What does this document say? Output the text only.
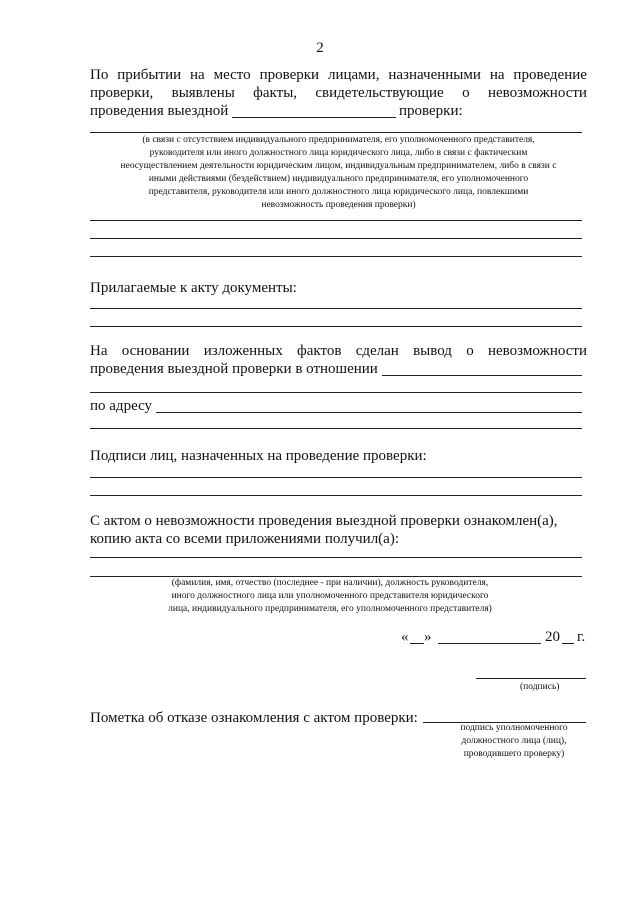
2
По прибытии на место проверки лицами, назначенными на проведение
проверки, выявлены факты, свидетельствующие о невозможности
проведения выездной	проверки:
(в связи с отсутствием индивидуального предпринимателя, его уполномоченного представителя,
руководителя или иного должностного лица юридического лица, либо в связи с фактическим
неосуществлением деятельности юридическим лицом, индивидуальным предпринимателем, либо в связи с
иными действиями (бездействием) индивидуального предпринимателя, его уполномоченного
представителя, руководителя или иного должностного лица юридического лица, повлекшими
невозможность проведения проверки)
Прилагаемые к акту документы:
На основании изложенных фактов сделан вывод о невозможности
проведения выездной проверки в отношении
по адресу
Подписи лиц, назначенных на проведение проверки:
С актом о невозможности проведения выездной проверки ознакомлен(а),
копию акта со всеми приложениями получил(а):
(фамилия, имя, отчество (последнее - при наличии), должность руководителя,
иного должностного лица или уполномоченного представителя юридического
лица, индивидуального предпринимателя, его уполномоченного представителя)
« »	20 г.
(подпись)
Пометка об отказе ознакомления с актом проверки:
подпись уполномоченного
должностного лица (лиц),
проводившего проверку)
